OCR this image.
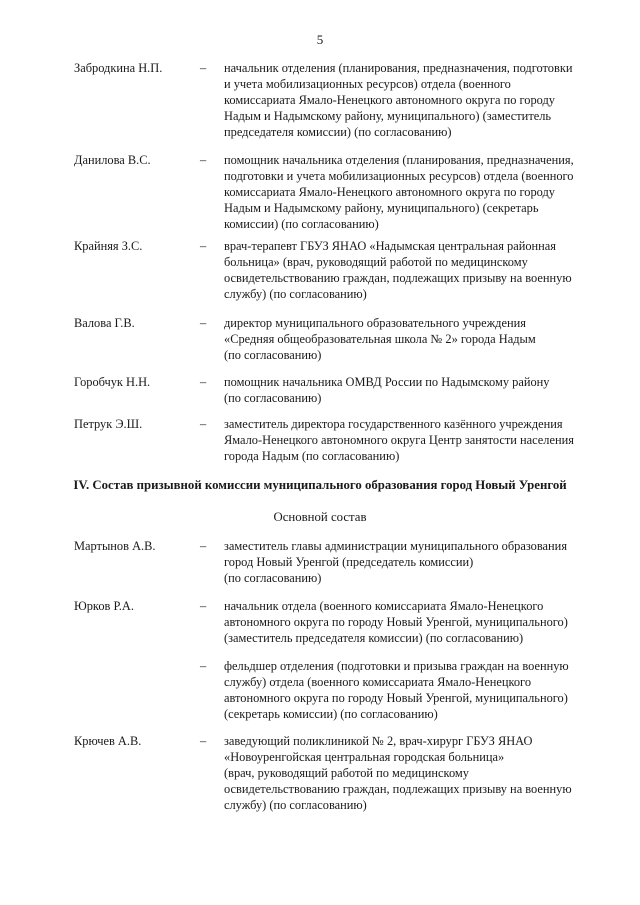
5
Забродкина Н.П.	– начальник отделения (планирования, предназначения, подготовки
и учета мобилизационных ресурсов) отдела (военного
комиссариата Ямало-Ненецкого автономного округа по городу
Надым и Надымскому району, муниципального) (заместитель
председателя комиссии) (по согласованию)
Данилова В.С.	– помощник начальника отделения (планирования, предназначения,
подготовки и учета мобилизационных ресурсов) отдела (военного
комиссариата Ямало-Ненецкого автономного округа по городу
Надым и Надымскому району, муниципального) (секретарь
комиссии) (по согласованию)
Крайняя З.С.	– врач-терапевт ГБУЗ ЯНАО «Надымская центральная районная
больница» (врач, руководящий работой по медицинскому
освидетельствованию граждан, подлежащих призыву на военную
службу) (по согласованию)
Валова Г.В.	– директор муниципального образовательного учреждения
«Средняя общеобразовательная школа № 2» города Надым
(по согласованию)
Горобчук Н.Н.	– помощник начальника ОМВД России по Надымскому району
(по согласованию)
Петрук Э.Ш.	– заместитель директора государственного казённого учреждения
Ямало-Ненецкого автономного округа Центр занятости населения
города Надым (по согласованию)
IV. Состав призывной комиссии муниципального образования город Новый Уренгой
Основной состав
Мартынов А.В.	– заместитель главы администрации муниципального образования
город Новый Уренгой (председатель комиссии)
(по согласованию)
Юрков Р.А.	– начальник отдела (военного комиссариата Ямало-Ненецкого
автономного округа по городу Новый Уренгой, муниципального)
(заместитель председателя комиссии) (по согласованию)
– фельдшер отделения (подготовки и призыва граждан на военную
службу) отдела (военного комиссариата Ямало-Ненецкого
автономного округа по городу Новый Уренгой, муниципального)
(секретарь комиссии) (по согласованию)
Крючев А.В.	– заведующий поликлиникой № 2, врач-хирург ГБУЗ ЯНАО
«Новоуренгойская центральная городская больница»
(врач, руководящий работой по медицинскому
освидетельствованию граждан, подлежащих призыву на военную
службу) (по согласованию)
